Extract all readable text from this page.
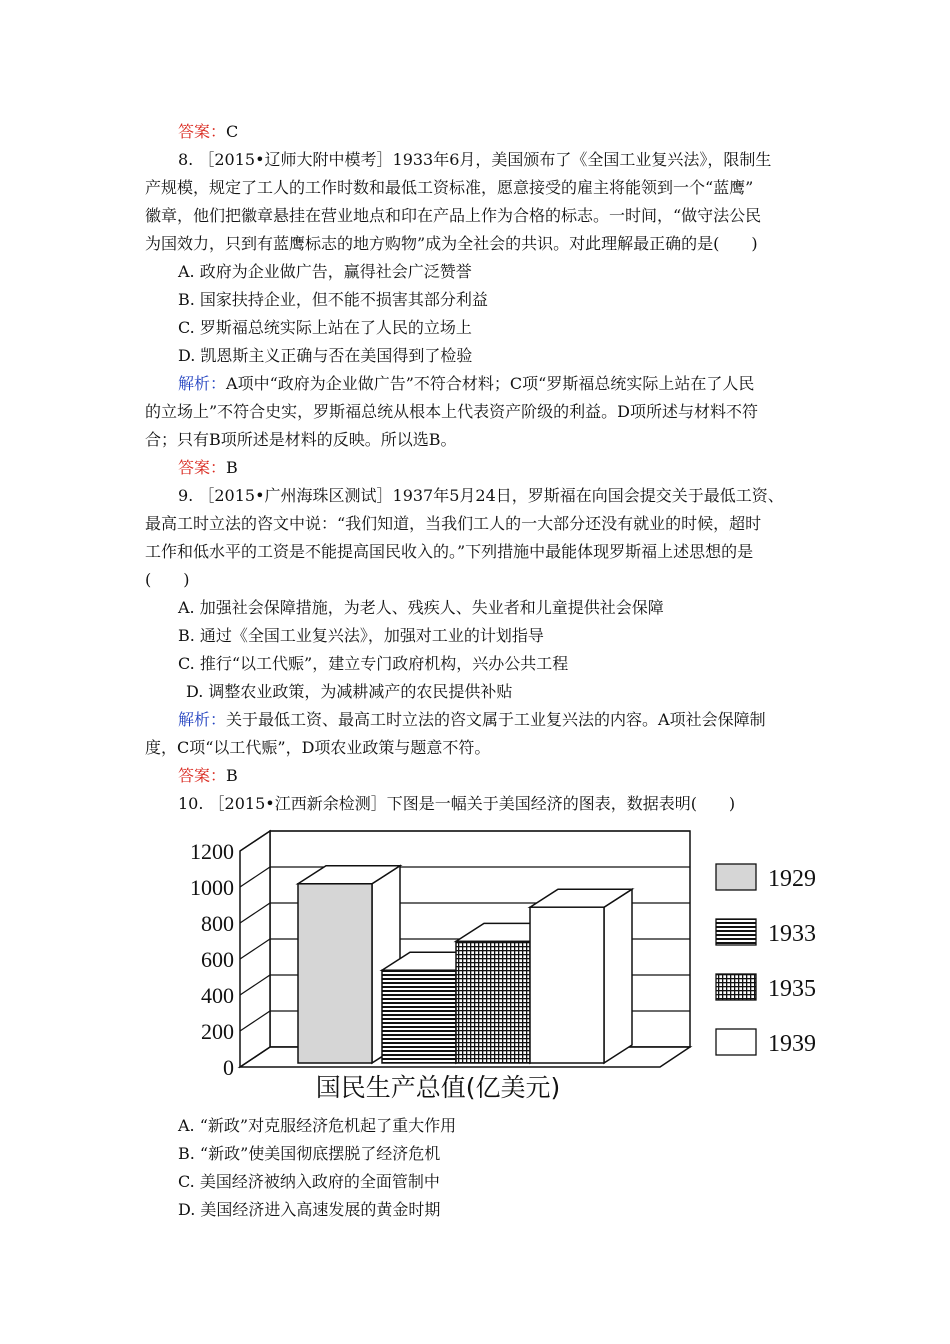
答案：C
8. ［2015•辽师大附中模考］1933年6月，美国颁布了《全国工业复兴法》，限制生
产规模，规定了工人的工作时数和最低工资标准，愿意接受的雇主将能领到一个“蓝鹰”
徽章，他们把徽章悬挂在营业地点和印在产品上作为合格的标志。一时间，“做守法公民
为国效力，只到有蓝鹰标志的地方购物”成为全社会的共识。对此理解最正确的是(　　)
A. 政府为企业做广告，赢得社会广泛赞誉
B. 国家扶持企业，但不能不损害其部分利益
C. 罗斯福总统实际上站在了人民的立场上
D. 凯恩斯主义正确与否在美国得到了检验
解析：A项中“政府为企业做广告”不符合材料；C项“罗斯福总统实际上站在了人民
的立场上”不符合史实，罗斯福总统从根本上代表资产阶级的利益。D项所述与材料不符
合；只有B项所述是材料的反映。所以选B。
答案：B
9. ［2015•广州海珠区测试］1937年5月24日，罗斯福在向国会提交关于最低工资、
最高工时立法的咨文中说：“我们知道，当我们工人的一大部分还没有就业的时候，超时
工作和低水平的工资是不能提高国民收入的。”下列措施中最能体现罗斯福上述思想的是
(　　)
A. 加强社会保障措施，为老人、残疾人、失业者和儿童提供社会保障
B. 通过《全国工业复兴法》，加强对工业的计划指导
C. 推行“以工代赈”，建立专门政府机构，兴办公共工程
D. 调整农业政策，为减耕减产的农民提供补贴
解析：关于最低工资、最高工时立法的咨文属于工业复兴法的内容。A项社会保障制
度，C项“以工代赈”，D项农业政策与题意不符。
答案：B
10. ［2015•江西新余检测］下图是一幅关于美国经济的图表，数据表明(　　)
0
200
400
600
800
1000
1200
1929
1933
1935
1939
国民生产总值(亿美元)
A. “新政”对克服经济危机起了重大作用
B. “新政”使美国彻底摆脱了经济危机
C. 美国经济被纳入政府的全面管制中
D. 美国经济进入高速发展的黄金时期
